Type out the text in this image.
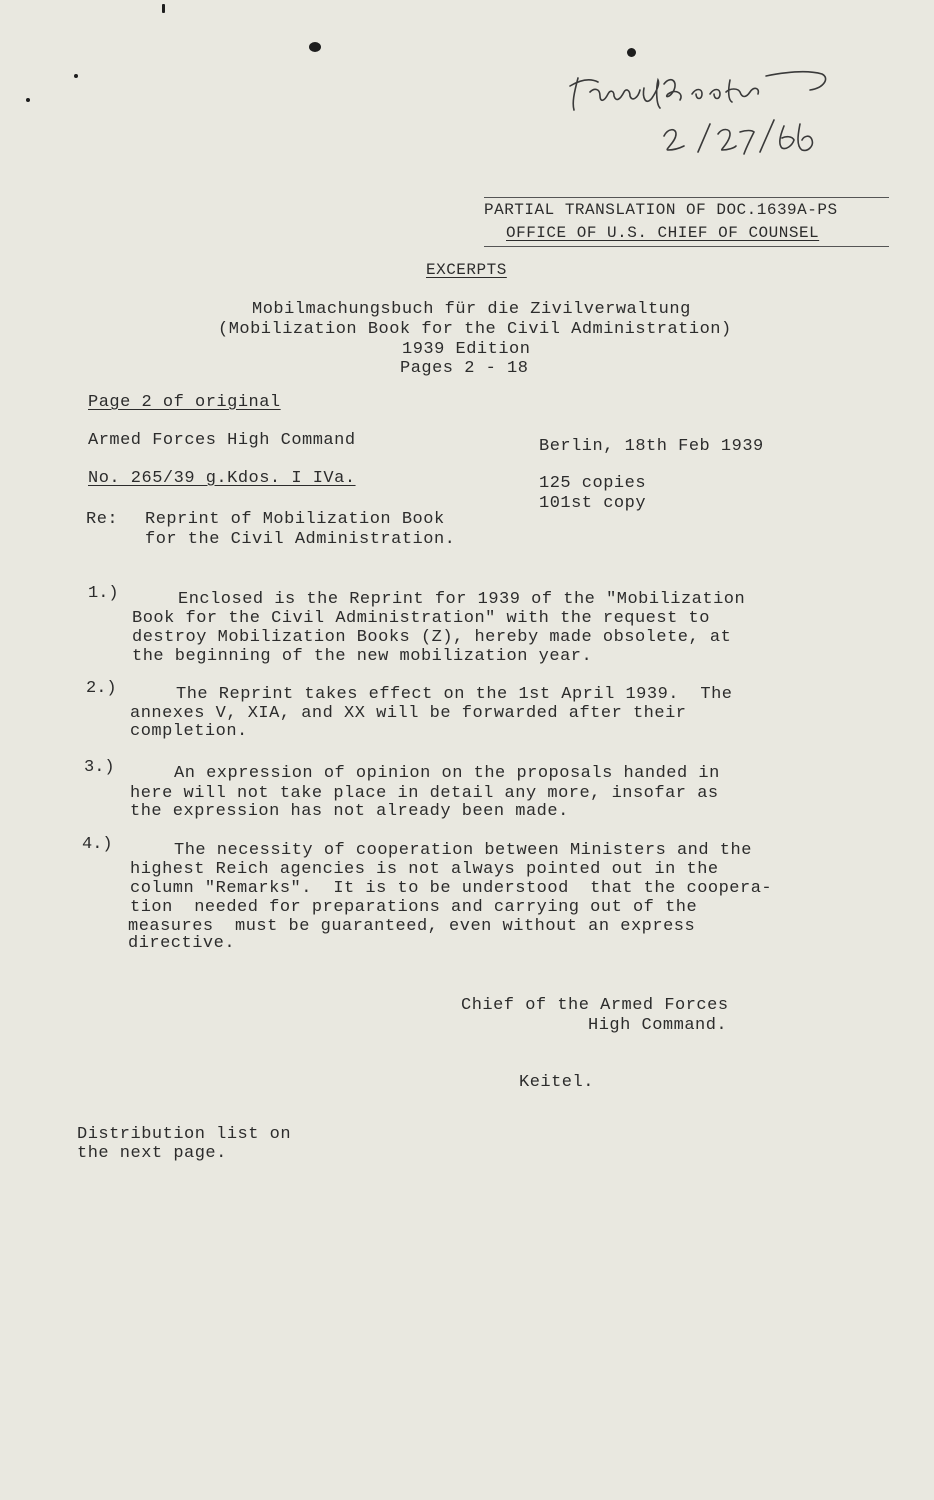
PARTIAL TRANSLATION OF DOC.1639A-PS
OFFICE OF U.S. CHIEF OF COUNSEL
EXCERPTS
Mobilmachungsbuch für die Zivilverwaltung
(Mobilization Book for the Civil Administration)
1939 Edition
Pages 2 - 18
Page 2 of original
Armed Forces High Command	Berlin, 18th Feb 1939
No. 265/39 g.Kdos. I IVa.	125 copies
101st copy
Re: Reprint of Mobilization Book
for the Civil Administration.
1.)	Enclosed is the Reprint for 1939 of the "Mobilization
Book for the Civil Administration" with the request to
destroy Mobilization Books (Z), hereby made obsolete, at
the beginning of the new mobilization year.
2.)	The Reprint takes effect on the 1st April 1939.  The
annexes V, XIA, and XX will be forwarded after their
completion.
3.)	An expression of opinion on the proposals handed in
here will not take place in detail any more, insofar as
the expression has not already been made.
4.)	The necessity of cooperation between Ministers and the
highest Reich agencies is not always pointed out in the
column "Remarks".  It is to be understood  that the coopera-
tion  needed for preparations and carrying out of the
measures  must be guaranteed, even without an express
directive.
Chief of the Armed Forces
High Command.
Keitel.
Distribution list on
the next page.
